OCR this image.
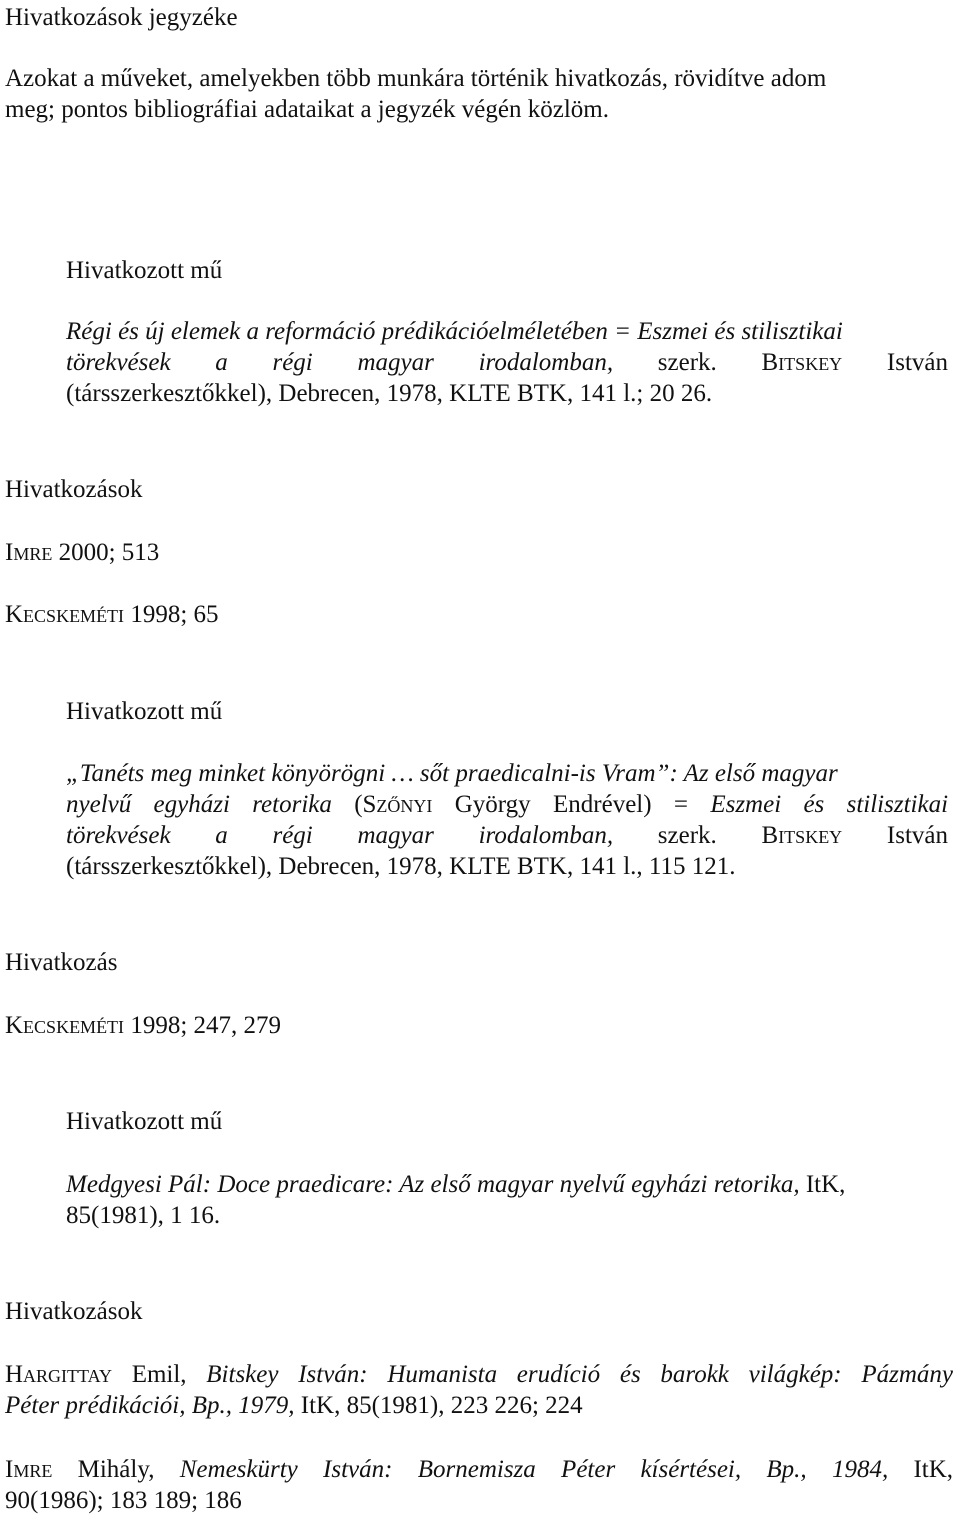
Hivatkozások jegyzéke
Azokat a műveket, amelyekben több munkára történik hivatkozás, rövidítve adom
meg; pontos bibliográfiai adataikat a jegyzék végén közlöm.
Hivatkozott mű
Régi és új elemek a reformáció prédikációelméletében = Eszmei és stilisztikai
törekvések a régi magyar irodalomban, szerk. Bitskey István
(társszerkesztőkkel), Debrecen, 1978, KLTE BTK, 141 l.; 20 26.
Hivatkozások
Imre 2000; 513
Kecskeméti 1998; 65
Hivatkozott mű
„Tanéts meg minket könyörögni … sőt praedicalni-is Vram”: Az első magyar
nyelvű egyházi retorika (Szőnyi György Endrével) = Eszmei és stilisztikai
törekvések a régi magyar irodalomban, szerk. Bitskey István
(társszerkesztőkkel), Debrecen, 1978, KLTE BTK, 141 l., 115 121.
Hivatkozás
Kecskeméti 1998; 247, 279
Hivatkozott mű
Medgyesi Pál: Doce praedicare: Az első magyar nyelvű egyházi retorika, ItK,
85(1981), 1 16.
Hivatkozások
Hargittay Emil, Bitskey István: Humanista erudíció és barokk világkép: Pázmány
Péter prédikációi, Bp., 1979, ItK, 85(1981), 223 226; 224
Imre Mihály, Nemeskürty István: Bornemisza Péter kísértései, Bp., 1984, ItK,
90(1986); 183 189; 186
